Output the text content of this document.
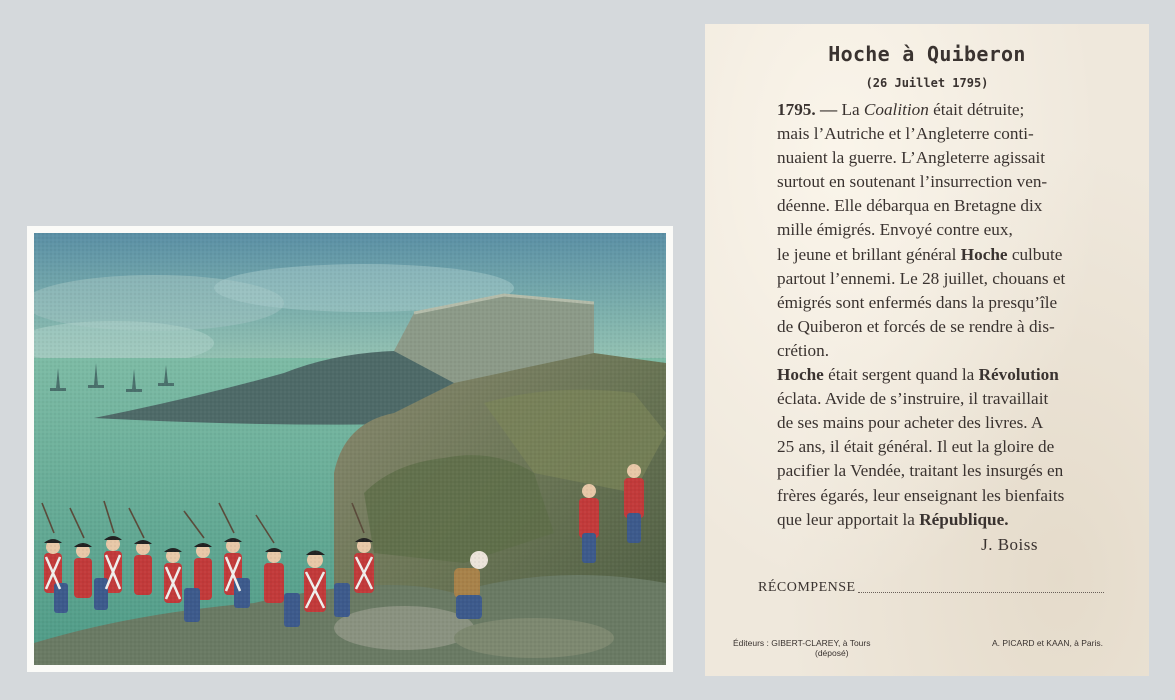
Hoche à Quiberon
(26 Juillet 1795)
1795. — La Coalition était détruite;
mais l’Autriche et l’Angleterre conti-
nuaient la guerre. L’Angleterre agissait
surtout en soutenant l’insurrection ven-
déenne. Elle débarqua en Bretagne dix
mille émigrés. Envoyé contre eux,
le jeune et brillant général Hoche culbute
partout l’ennemi. Le 28 juillet, chouans et
émigrés sont enfermés dans la presqu’île
de Quiberon et forcés de se rendre à dis-
crétion.
Hoche était sergent quand la Révolution
éclata. Avide de s’instruire, il travaillait
de ses mains pour acheter des livres. A
25 ans, il était général. Il eut la gloire de
pacifier la Vendée, traitant les insurgés en
frères égarés, leur enseignant les bienfaits
que leur apportait la République.
J. Boiss
RÉCOMPENSE
Éditeurs : GIBERT-CLAREY, à Tours
(déposé)
A. PICARD et KAAN, à Paris.
